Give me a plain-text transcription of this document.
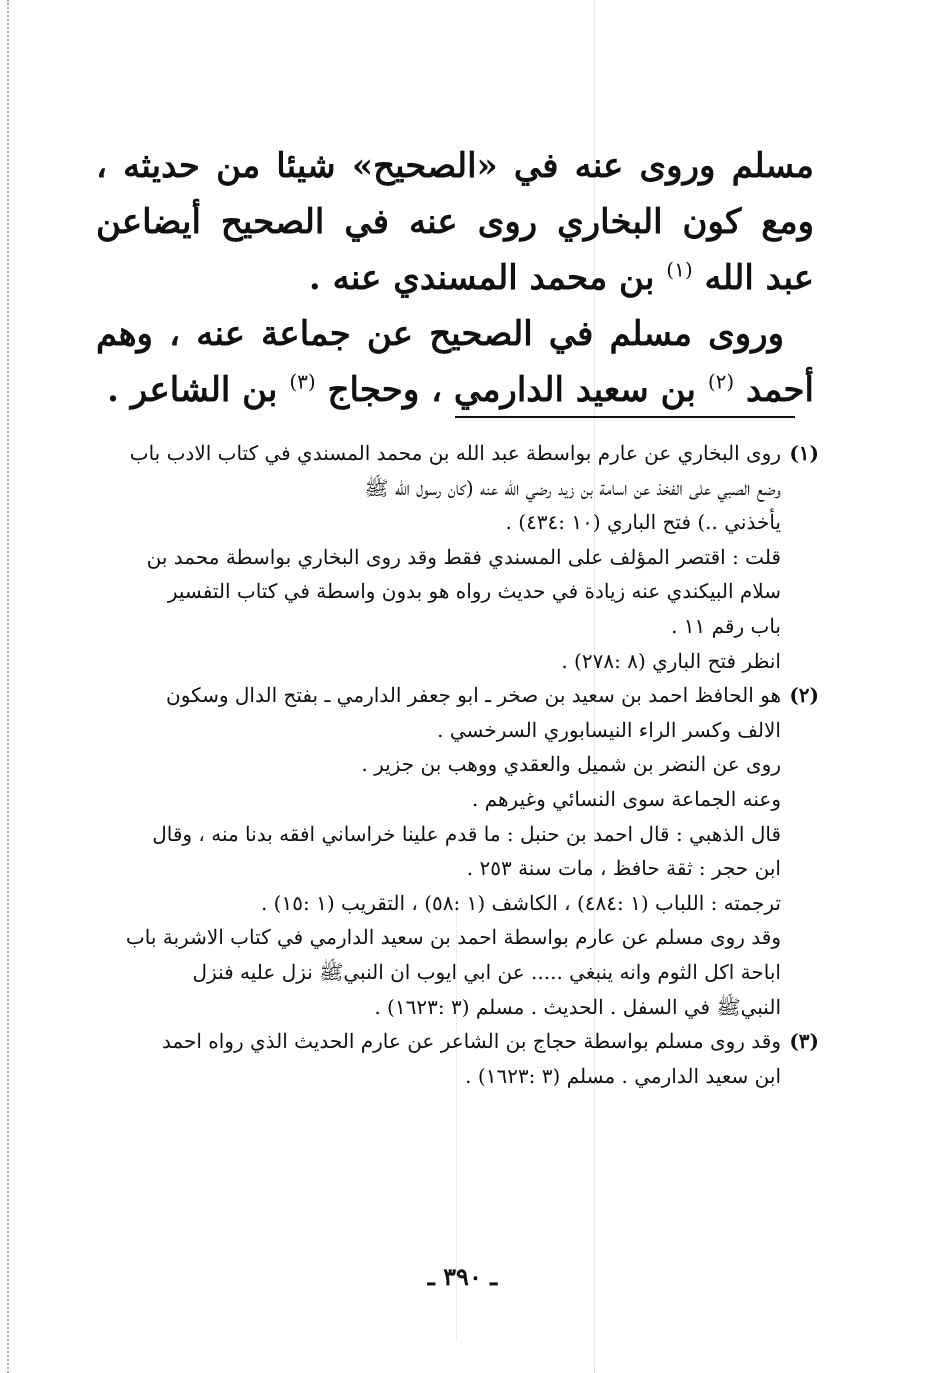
مسلم وروى عنه في «الصحيح» شيئا من حديثه ، ومع كون البخاري روى عنه في الصحيح أيضاعن عبد الله $^{(١)}$ بن محمد المسندي عنه .

وروى مسلم في الصحيح عن جماعة عنه ، وهم أحمد $^{(٢)}$ بن سعيد الدارمي ، وحجاج $^{(٣)}$ بن الشاعر .

(١)
روى البخاري عن عارم بواسطة عبد الله بن محمد المسندي في كتاب الادب باب
وضع الصبي على الفخذ عن اسامة بن زيد رضي الله عنه (كان رسول الله ﷺ
يأخذني ..) فتح الباري (١٠ :٤٣٤) .
قلت : اقتصر المؤلف على المسندي فقط وقد روى البخاري بواسطة محمد بن
سلام البيكندي عنه زيادة في حديث رواه هو بدون واسطة في كتاب التفسير
باب رقم ١١ .
انظر فتح الباري (٨ :٢٧٨) .
(٢)
هو الحافظ احمد بن سعيد بن صخر ـ ابو جعفر الدارمي ـ بفتح الدال وسكون
الالف وكسر الراء النيسابوري السرخسي .
روى عن النضر بن شميل والعقدي ووهب بن جزير .
وعنه الجماعة سوى النسائي وغيرهم .
قال الذهبي : قال احمد بن حنبل : ما قدم علينا خراساني افقه بدنا منه ، وقال
ابن حجر : ثقة حافظ ، مات سنة ٢٥٣ .
ترجمته : اللباب (١ :٤٨٤) ، الكاشف (١ :٥٨) ، التقريب (١ :١٥) .
وقد روى مسلم عن عارم بواسطة احمد بن سعيد الدارمي في كتاب الاشربة باب
اباحة اكل الثوم وانه ينبغي ..... عن ابي ايوب ان النبيﷺ نزل عليه فنزل
النبيﷺ في السفل . الحديث . مسلم (٣ :١٦٢٣) .
(٣)
وقد روى مسلم بواسطة حجاج بن الشاعر عن عارم الحديث الذي رواه احمد
ابن سعيد الدارمي . مسلم (٣ :١٦٢٣) .
ـ ٣٩٠ ـ
